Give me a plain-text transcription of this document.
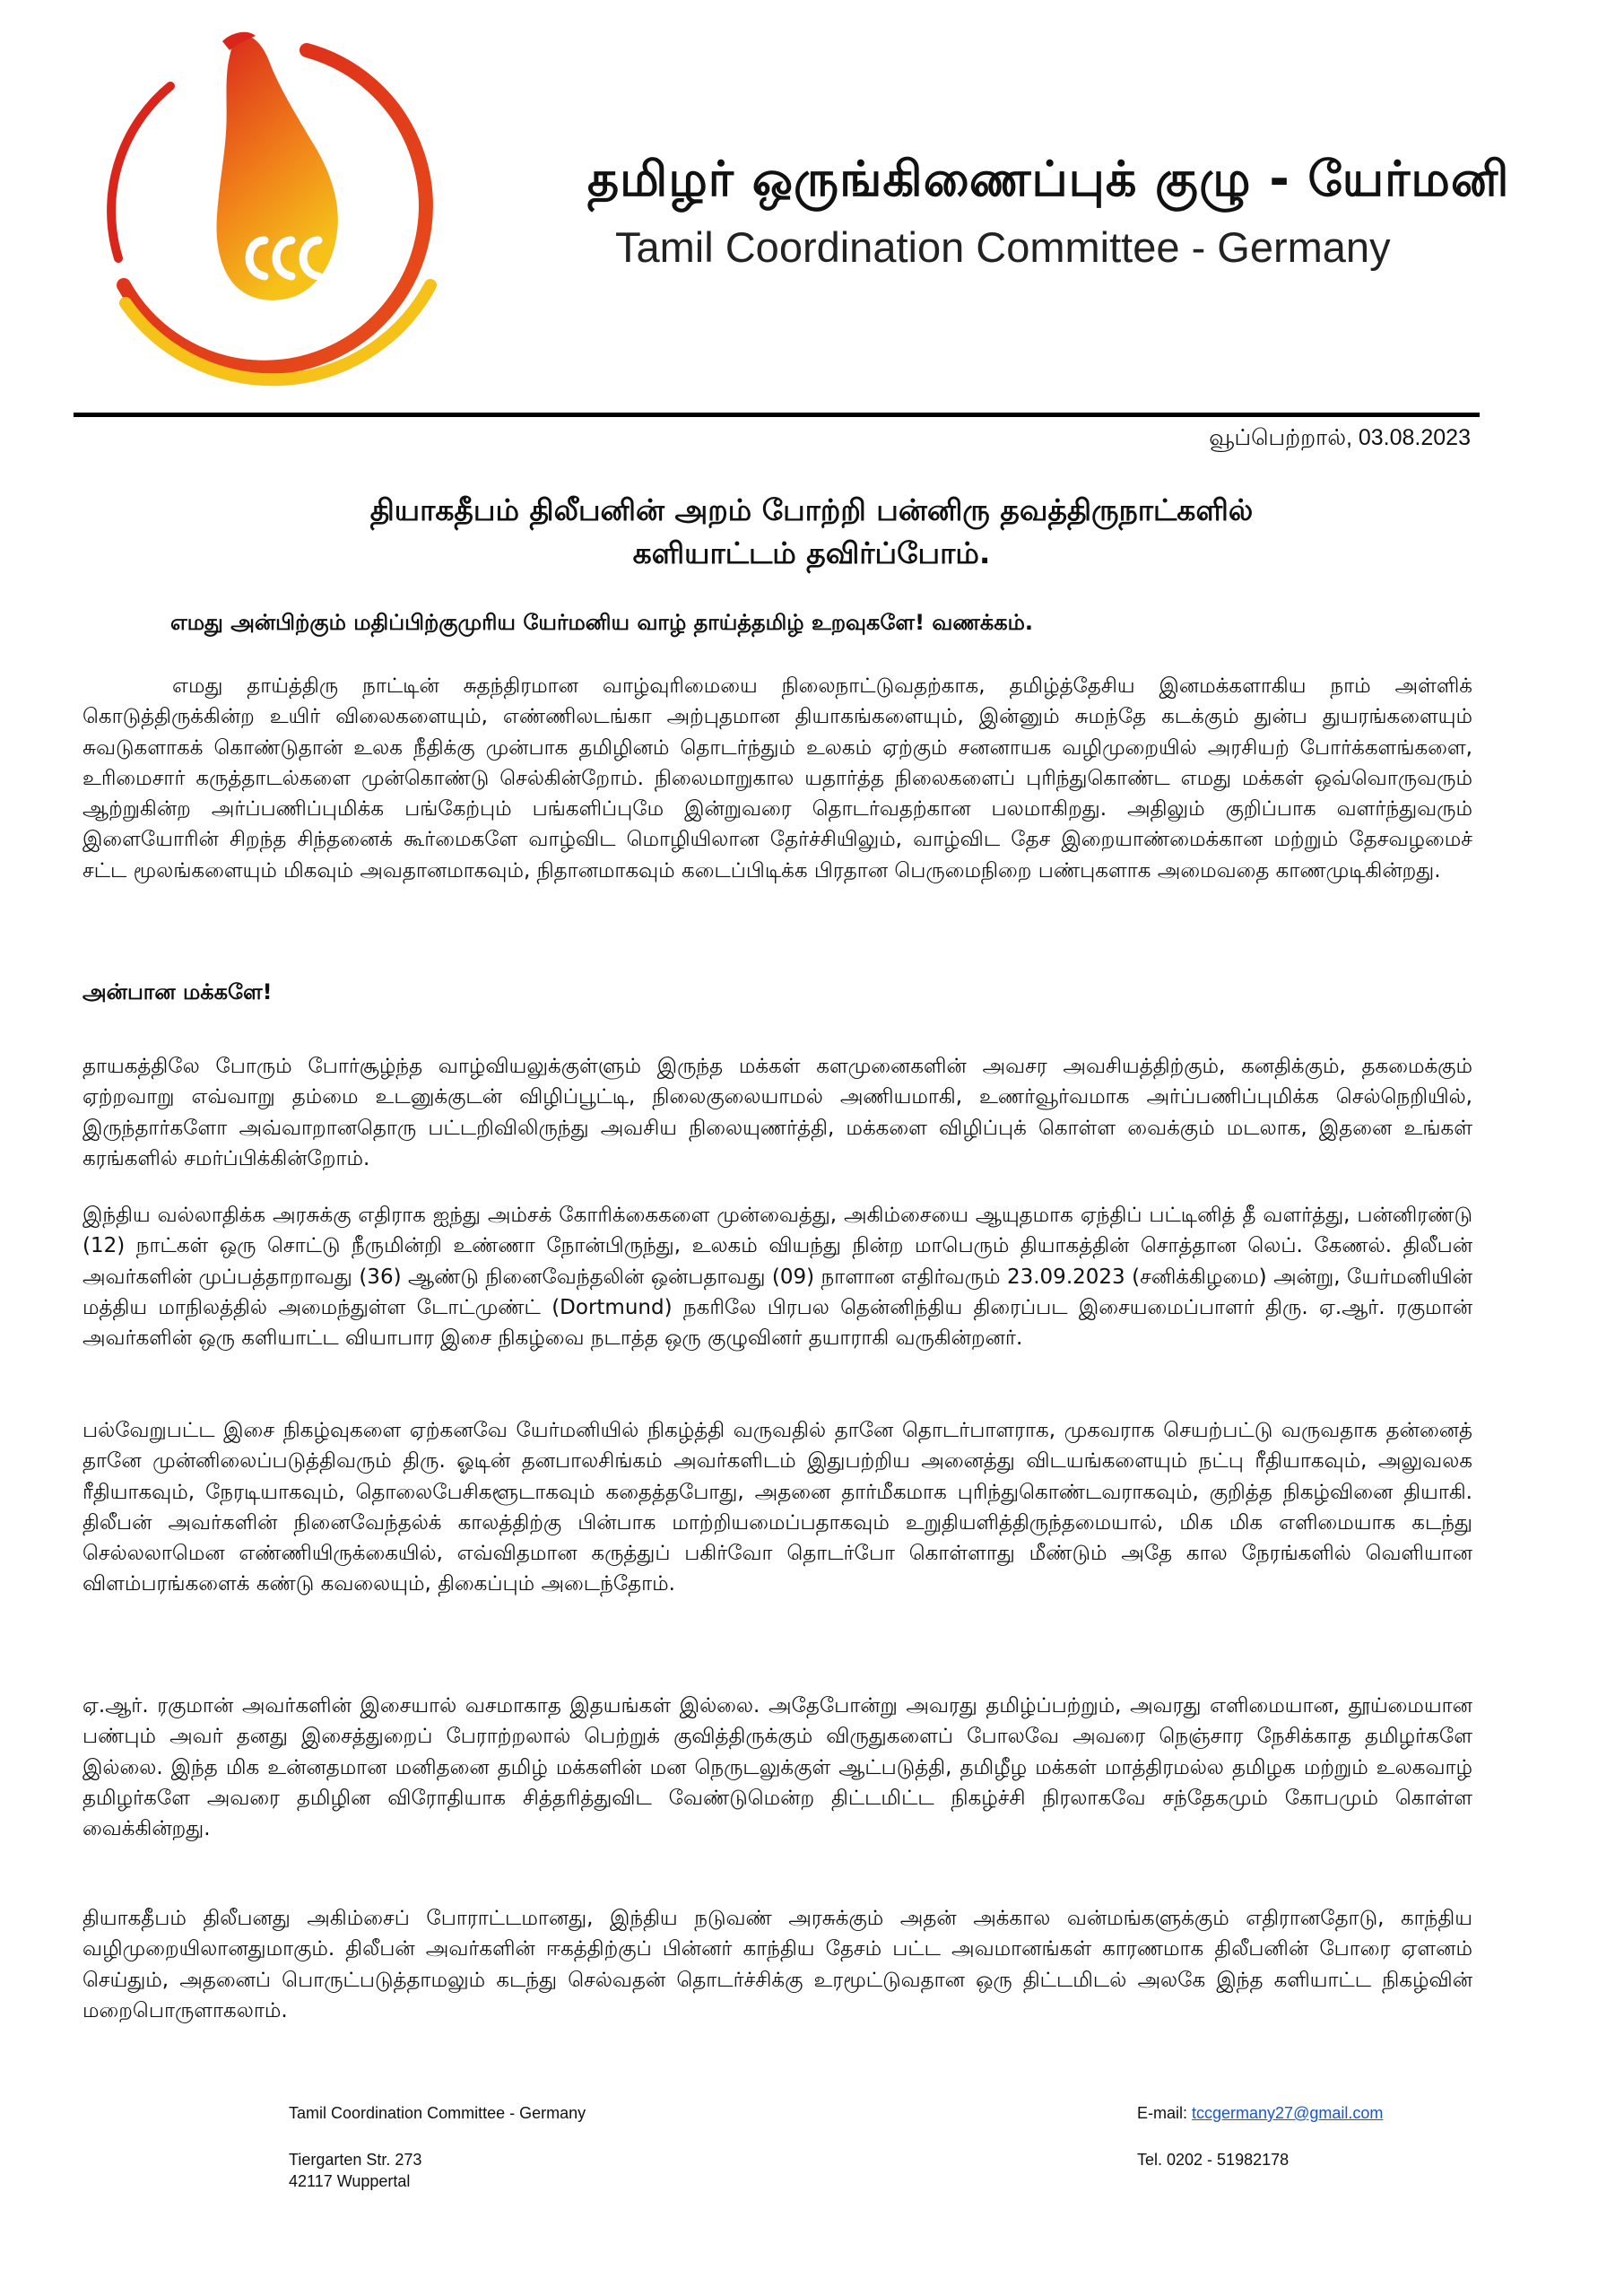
தமிழர் ஒருங்கிணைப்புக் குழு - யேர்மனி
Tamil Coordination Committee - Germany
வூப்பெற்றால், 03.08.2023
தியாகதீபம் திலீபனின் அறம் போற்றி பன்னிரு தவத்திருநாட்களில்
களியாட்டம் தவிர்ப்போம்.
எமது அன்பிற்கும் மதிப்பிற்குமுரிய யேர்மனிய வாழ் தாய்த்தமிழ் உறவுகளே! வணக்கம்.

எமது தாய்த்திரு நாட்டின் சுதந்திரமான வாழ்வுரிமையை நிலைநாட்டுவதற்காக, தமிழ்த்தேசிய இனமக்களாகிய நாம் அள்ளிக் கொடுத்திருக்கின்ற உயிர் விலைகளையும், எண்ணிலடங்கா அற்புதமான தியாகங்களையும், இன்னும் சுமந்தே கடக்கும் துன்ப துயரங்களையும் சுவடுகளாகக் கொண்டுதான் உலக நீதிக்கு முன்பாக தமிழினம் தொடர்ந்தும் உலகம் ஏற்கும் சனனாயக வழிமுறையில் அரசியற் போர்க்களங்களை, உரிமைசார் கருத்தாடல்களை முன்கொண்டு செல்கின்றோம். நிலைமாறுகால யதார்த்த நிலைகளைப் புரிந்துகொண்ட எமது மக்கள் ஒவ்வொருவரும் ஆற்றுகின்ற அர்ப்பணிப்புமிக்க பங்கேற்பும் பங்களிப்புமே இன்றுவரை தொடர்வதற்கான பலமாகிறது. அதிலும் குறிப்பாக வளர்ந்துவரும் இளையோரின் சிறந்த சிந்தனைக் கூர்மைகளே வாழ்விட மொழியிலான தேர்ச்சியிலும், வாழ்விட தேச இறையாண்மைக்கான மற்றும் தேசவழமைச் சட்ட மூலங்களையும் மிகவும் அவதானமாகவும், நிதானமாகவும் கடைப்பிடிக்க பிரதான பெருமைநிறை பண்புகளாக அமைவதை காணமுடிகின்றது.

அன்பான மக்களே!

தாயகத்திலே போரும் போர்சூழ்ந்த வாழ்வியலுக்குள்ளும் இருந்த மக்கள் களமுனைகளின் அவசர அவசியத்திற்கும், கனதிக்கும், தகமைக்கும் ஏற்றவாறு எவ்வாறு தம்மை உடனுக்குடன் விழிப்பூட்டி, நிலைகுலையாமல் அணியமாகி, உணர்வூர்வமாக அர்ப்பணிப்புமிக்க செல்நெறியில், இருந்தார்களோ அவ்வாறானதொரு பட்டறிவிலிருந்து அவசிய நிலையுணர்த்தி, மக்களை விழிப்புக் கொள்ள வைக்கும் மடலாக, இதனை உங்கள் கரங்களில் சமர்ப்பிக்கின்றோம்.

இந்திய வல்லாதிக்க அரசுக்கு எதிராக ஐந்து அம்சக் கோரிக்கைகளை முன்வைத்து, அகிம்சையை ஆயுதமாக ஏந்திப் பட்டினித் தீ வளர்த்து, பன்னிரண்டு (12) நாட்கள் ஒரு சொட்டு நீருமின்றி உண்ணா நோன்பிருந்து, உலகம் வியந்து நின்ற மாபெரும் தியாகத்தின் சொத்தான லெப். கேணல். திலீபன் அவர்களின் முப்பத்தாறாவது (36) ஆண்டு நினைவேந்தலின் ஒன்பதாவது (09) நாளான எதிர்வரும் 23.09.2023 (சனிக்கிழமை) அன்று, யேர்மனியின் மத்திய மாநிலத்தில் அமைந்துள்ள டோட்முண்ட் (Dortmund) நகரிலே பிரபல தென்னிந்திய திரைப்பட இசையமைப்பாளர் திரு. ஏ.ஆர். ரகுமான் அவர்களின் ஒரு களியாட்ட வியாபார இசை நிகழ்வை நடாத்த ஒரு குழுவினர் தயாராகி வருகின்றனர்.

பல்வேறுபட்ட இசை நிகழ்வுகளை ஏற்கனவே யேர்மனியில் நிகழ்த்தி வருவதில் தானே தொடர்பாளராக, முகவராக செயற்பட்டு வருவதாக தன்னைத் தானே முன்னிலைப்படுத்திவரும் திரு. ஓடின் தனபாலசிங்கம் அவர்களிடம் இதுபற்றிய அனைத்து விடயங்களையும் நட்பு ரீதியாகவும், அலுவலக ரீதியாகவும், நேரடியாகவும், தொலைபேசிகளூடாகவும் கதைத்தபோது, அதனை தார்மீகமாக புரிந்துகொண்டவராகவும், குறித்த நிகழ்வினை தியாகி. திலீபன் அவர்களின் நினைவேந்தல்க் காலத்திற்கு பின்பாக மாற்றியமைப்பதாகவும் உறுதியளித்திருந்தமையால், மிக மிக எளிமையாக கடந்து செல்லலாமென எண்ணியிருக்கையில், எவ்விதமான கருத்துப் பகிர்வோ தொடர்போ கொள்ளாது மீண்டும் அதே கால நேரங்களில் வெளியான விளம்பரங்களைக் கண்டு கவலையும், திகைப்பும் அடைந்தோம்.

ஏ.ஆர். ரகுமான் அவர்களின் இசையால் வசமாகாத இதயங்கள் இல்லை. அதேபோன்று அவரது தமிழ்ப்பற்றும், அவரது எளிமையான, தூய்மையான பண்பும் அவர் தனது இசைத்துறைப் பேராற்றலால் பெற்றுக் குவித்திருக்கும் விருதுகளைப் போலவே அவரை நெஞ்சார நேசிக்காத தமிழர்களே இல்லை. இந்த மிக உன்னதமான மனிதனை தமிழ் மக்களின் மன நெருடலுக்குள் ஆட்படுத்தி, தமிழீழ மக்கள் மாத்திரமல்ல தமிழக மற்றும் உலகவாழ் தமிழர்களே அவரை தமிழின விரோதியாக சித்தரித்துவிட வேண்டுமென்ற திட்டமிட்ட நிகழ்ச்சி நிரலாகவே சந்தேகமும் கோபமும் கொள்ள வைக்கின்றது.

தியாகதீபம் திலீபனது அகிம்சைப் போராட்டமானது, இந்திய நடுவண் அரசுக்கும் அதன் அக்கால வன்மங்களுக்கும் எதிரானதோடு, காந்திய வழிமுறையிலானதுமாகும். திலீபன் அவர்களின் ஈகத்திற்குப் பின்னர் காந்திய தேசம் பட்ட அவமானங்கள் காரணமாக திலீபனின் போரை ஏளனம் செய்தும், அதனைப் பொருட்படுத்தாமலும் கடந்து செல்வதன் தொடர்ச்சிக்கு உரமூட்டுவதான ஒரு திட்டமிடல் அலகே இந்த களியாட்ட நிகழ்வின் மறைபொருளாகலாம்.

Tamil Coordination Committee - Germany
Tiergarten Str. 273
42117 Wuppertal
E-mail: tccgermany27@gmail.com
Tel. 0202 - 51982178
